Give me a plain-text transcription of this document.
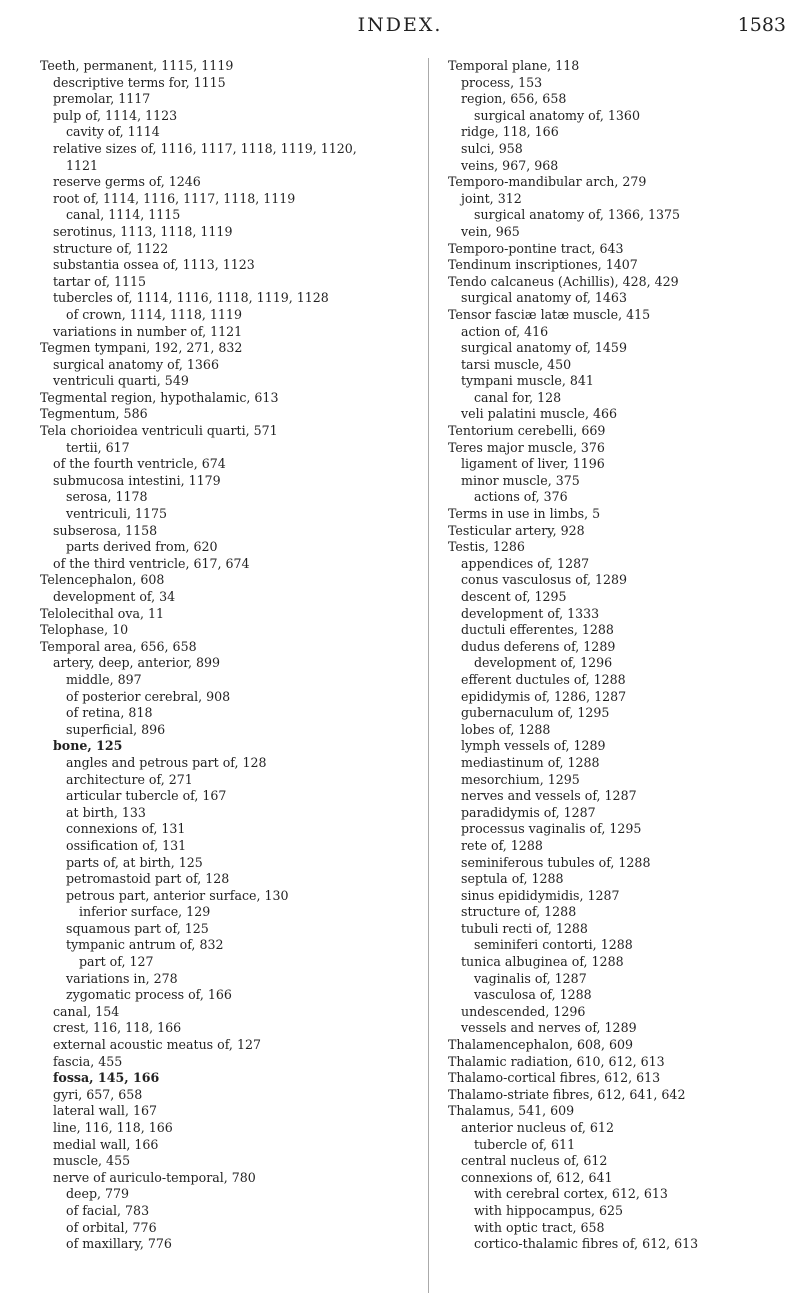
INDEX.	1583
Teeth, permanent, 1115, 1119
descriptive terms for, 1115
premolar, 1117
pulp of, 1114, 1123
cavity of, 1114
relative sizes of, 1116, 1117, 1118, 1119, 1120,
1121
reserve germs of, 1246
root of, 1114, 1116, 1117, 1118, 1119
canal, 1114, 1115
serotinus, 1113, 1118, 1119
structure of, 1122
substantia ossea of, 1113, 1123
tartar of, 1115
tubercles of, 1114, 1116, 1118, 1119, 1128
of crown, 1114, 1118, 1119
variations in number of, 1121
Tegmen tympani, 192, 271, 832
surgical anatomy of, 1366
ventriculi quarti, 549
Tegmental region, hypothalamic, 613
Tegmentum, 586
Tela chorioidea ventriculi quarti, 571
tertii, 617
of the fourth ventricle, 674
submucosa intestini, 1179
serosa, 1178
ventriculi, 1175
subserosa, 1158
parts derived from, 620
of the third ventricle, 617, 674
Telencephalon, 608
development of, 34
Telolecithal ova, 11
Telophase, 10
Temporal area, 656, 658
artery, deep, anterior, 899
middle, 897
of posterior cerebral, 908
of retina, 818
superficial, 896
bone, 125
angles and petrous part of, 128
architecture of, 271
articular tubercle of, 167
at birth, 133
connexions of, 131
ossification of, 131
parts of, at birth, 125
petromastoid part of, 128
petrous part, anterior surface, 130
inferior surface, 129
squamous part of, 125
tympanic antrum of, 832
part of, 127
variations in, 278
zygomatic process of, 166
canal, 154
crest, 116, 118, 166
external acoustic meatus of, 127
fascia, 455
fossa, 145, 166
gyri, 657, 658
lateral wall, 167
line, 116, 118, 166
medial wall, 166
muscle, 455
nerve of auriculo-temporal, 780
deep, 779
of facial, 783
of orbital, 776
of maxillary, 776
Temporal plane, 118
process, 153
region, 656, 658
surgical anatomy of, 1360
ridge, 118, 166
sulci, 958
veins, 967, 968
Temporo-mandibular arch, 279
joint, 312
surgical anatomy of, 1366, 1375
vein, 965
Temporo-pontine tract, 643
Tendinum inscriptiones, 1407
Tendo calcaneus (Achillis), 428, 429
surgical anatomy of, 1463
Tensor fasciæ latæ muscle, 415
action of, 416
surgical anatomy of, 1459
tarsi muscle, 450
tympani muscle, 841
canal for, 128
veli palatini muscle, 466
Tentorium cerebelli, 669
Teres major muscle, 376
ligament of liver, 1196
minor muscle, 375
actions of, 376
Terms in use in limbs, 5
Testicular artery, 928
Testis, 1286
appendices of, 1287
conus vasculosus of, 1289
descent of, 1295
development of, 1333
ductuli efferentes, 1288
dudus deferens of, 1289
development of, 1296
efferent ductules of, 1288
epididymis of, 1286, 1287
gubernaculum of, 1295
lobes of, 1288
lymph vessels of, 1289
mediastinum of, 1288
mesorchium, 1295
nerves and vessels of, 1287
paradidymis of, 1287
processus vaginalis of, 1295
rete of, 1288
seminiferous tubules of, 1288
septula of, 1288
sinus epididymidis, 1287
structure of, 1288
tubuli recti of, 1288
seminiferi contorti, 1288
tunica albuginea of, 1288
vaginalis of, 1287
vasculosa of, 1288
undescended, 1296
vessels and nerves of, 1289
Thalamencephalon, 608, 609
Thalamic radiation, 610, 612, 613
Thalamo-cortical fibres, 612, 613
Thalamo-striate fibres, 612, 641, 642
Thalamus, 541, 609
anterior nucleus of, 612
tubercle of, 611
central nucleus of, 612
connexions of, 612, 641
with cerebral cortex, 612, 613
with hippocampus, 625
with optic tract, 658
cortico-thalamic fibres of, 612, 613
